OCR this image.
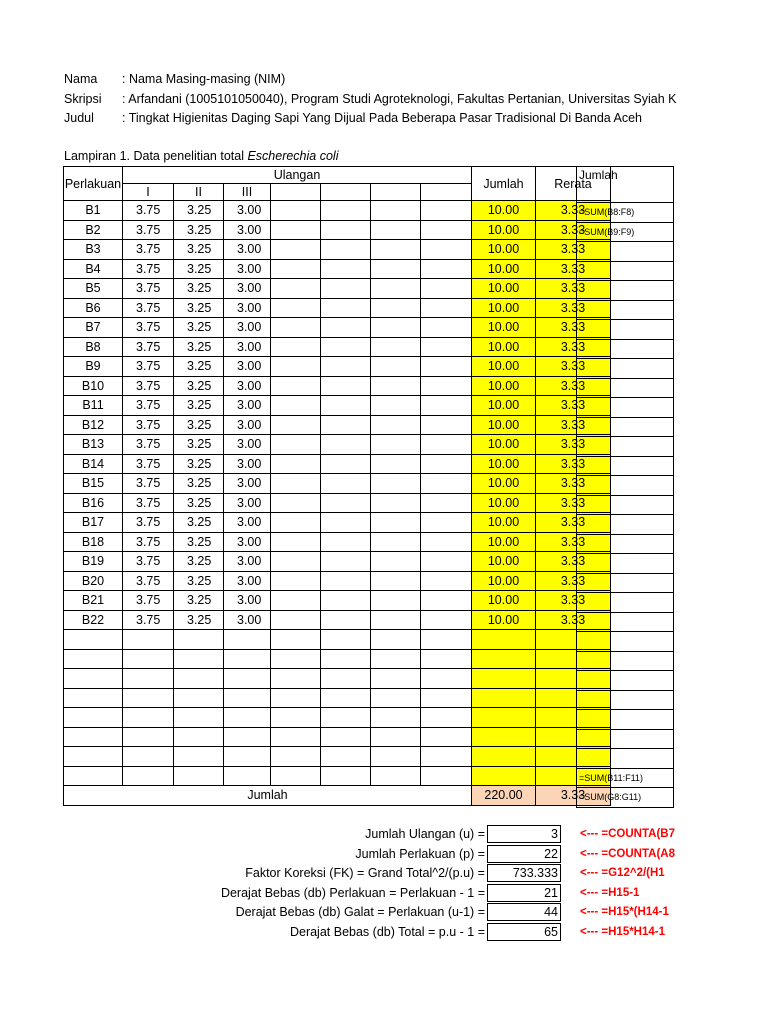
Nama : Nama Masing-masing (NIM)
Skripsi : Arfandani (1005101050040), Program Studi Agroteknologi, Fakultas Pertanian, Universitas Syiah K
Judul : Tingkat Higienitas Daging Sapi Yang Dijual Pada Beberapa Pasar Tradisional Di Banda Aceh
Lampiran 1. Data penelitian total Escherechia coli
Perlakuan	Ulangan							Jumlah	Rerata
	I	II	III						
B1	3.75	3.25	3.00					10.00	3.33
B2	3.75	3.25	3.00					10.00	3.33
B3	3.75	3.25	3.00					10.00	3.33
B4	3.75	3.25	3.00					10.00	3.33
B5	3.75	3.25	3.00					10.00	3.33
B6	3.75	3.25	3.00					10.00	3.33
B7	3.75	3.25	3.00					10.00	3.33
B8	3.75	3.25	3.00					10.00	3.33
B9	3.75	3.25	3.00					10.00	3.33
B10	3.75	3.25	3.00					10.00	3.33
B11	3.75	3.25	3.00					10.00	3.33
B12	3.75	3.25	3.00					10.00	3.33
B13	3.75	3.25	3.00					10.00	3.33
B14	3.75	3.25	3.00					10.00	3.33
B15	3.75	3.25	3.00					10.00	3.33
B16	3.75	3.25	3.00					10.00	3.33
B17	3.75	3.25	3.00					10.00	3.33
B18	3.75	3.25	3.00					10.00	3.33
B19	3.75	3.25	3.00					10.00	3.33
B20	3.75	3.25	3.00					10.00	3.33
B21	3.75	3.25	3.00					10.00	3.33
B22	3.75	3.25	3.00					10.00	3.33

Jumlah								220.00	3.33
Jumlah
=SUM(B8:F8)
=SUM(B9:F9)

=SUM(B11:F11)
=SUM(G8:G11)
Jumlah Ulangan (u) =	3 <--- =COUNTA(B7
Jumlah Perlakuan (p) =	22 <--- =COUNTA(A8
Faktor Koreksi (FK) = Grand Total^2/(p.u) =	733.333 <--- =G12^2/(H1
Derajat Bebas (db) Perlakuan = Perlakuan - 1 =	21 <--- =H15-1
Derajat Bebas (db) Galat = Perlakuan (u-1) =	44 <--- =H15*(H14-1
Derajat Bebas (db) Total = p.u - 1 =	65 <--- =H15*H14-1
